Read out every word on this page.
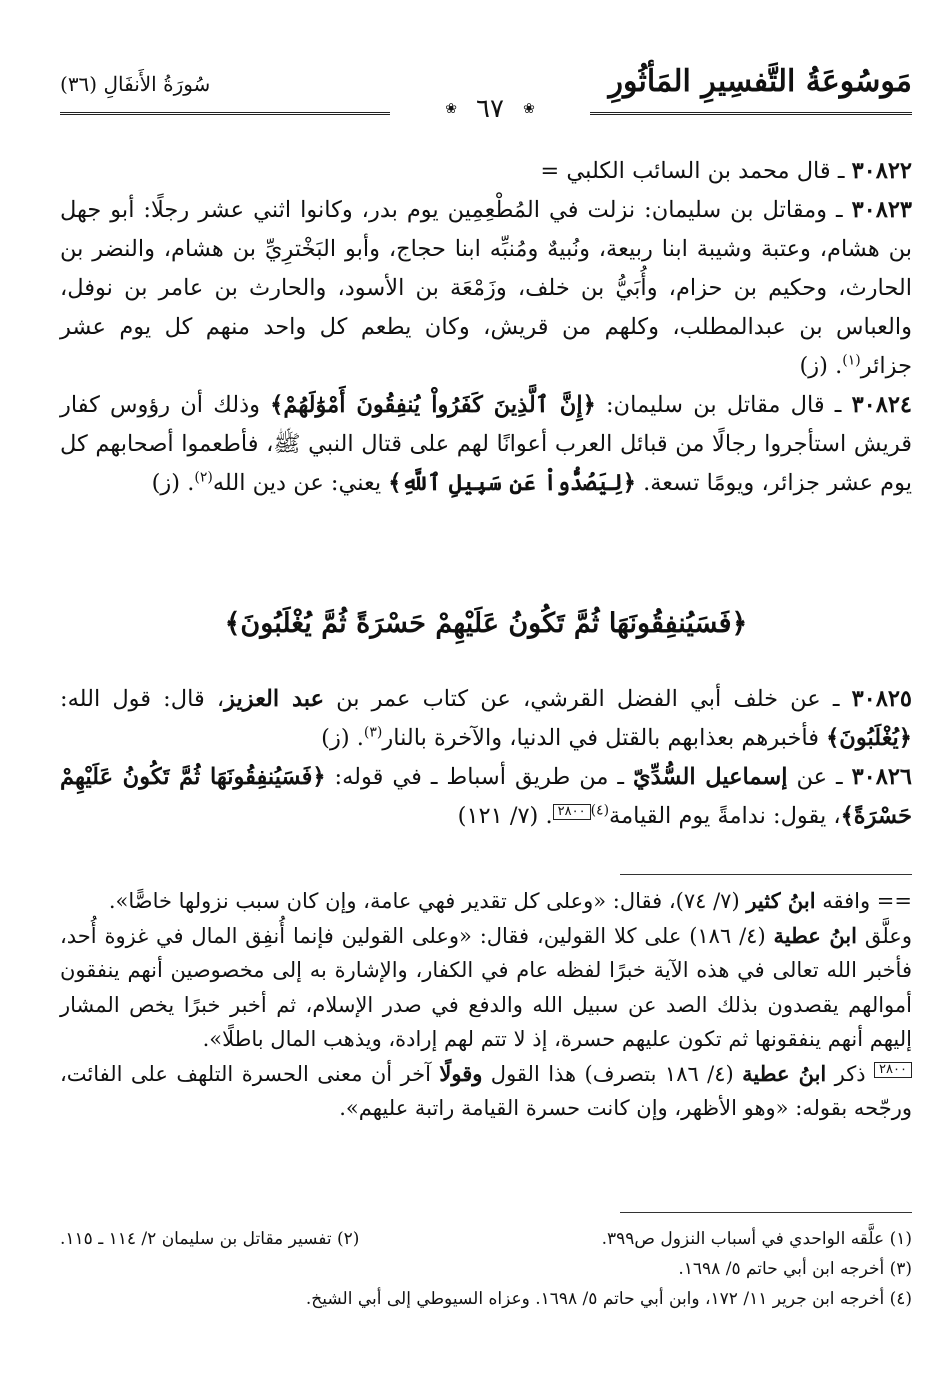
مَوسُوعَةُ التَّفسِيرِ المَأثُورِ
سُورَةُ الأَنفَالِ (٣٦)
❀ ٦٧ ❀

٣٠٨٢٢ ـ قال محمد بن السائب الكلبي =

٣٠٨٢٣ ـ ومقاتل بن سليمان: نزلت في المُطْعِمِين يوم بدر، وكانوا اثني عشر رجلًا: أبو جهل بن هشام، وعتبة وشيبة ابنا ربيعة، ونُبيهٌ ومُنبِّه ابنا حجاج، وأبو البَخْترِيِّ بن هشام، والنضر بن الحارث، وحكيم بن حزام، وأُبَيُّ بن خلف، وزَمْعَة بن الأسود، والحارث بن عامر بن نوفل، والعباس بن عبدالمطلب، وكلهم من قريش، وكان يطعم كل واحد منهم كل يوم عشر جزائر$^{(١)}$. (ز)

٣٠٨٢٤ ـ قال مقاتل بن سليمان: ﴿إِنَّ ٱلَّذِينَ كَفَرُواْ يُنفِقُونَ أَمْوَٰلَهُمْ﴾ وذلك أن رؤوس كفار قريش استأجروا رجالًا من قبائل العرب أعوانًا لهم على قتال النبي ﷺ، فأطعموا أصحابهم كل يوم عشر جزائر، ويومًا تسعة. ﴿لِيَصُدُّواْ عَن سَبِيلِ ٱللَّهِ﴾ يعني: عن دين الله$^{(٢)}$. (ز)

﴿فَسَيُنفِقُونَهَا ثُمَّ تَكُونُ عَلَيْهِمْ حَسْرَةً ثُمَّ يُغْلَبُونَ﴾

٣٠٨٢٥ ـ عن خلف أبي الفضل القرشي، عن كتاب عمر بن عبد العزيز، قال: قول الله: ﴿يُغْلَبُونَ﴾ فأخبرهم بعذابهم بالقتل في الدنيا، والآخرة بالنار$^{(٣)}$. (ز)

٣٠٨٢٦ ـ عن إسماعيل السُّدِّيّ ـ من طريق أسباط ـ في قوله: ﴿فَسَيُنفِقُونَهَا ثُمَّ تَكُونُ عَلَيْهِمْ حَسْرَةً﴾، يقول: ندامةً يوم القيامة$^{(٤)}$٢٨٠٠. (٧/ ١٢١)

== وافقه ابنُ كثير (٧/ ٧٤)، فقال: «وعلى كل تقدير فهي عامة، وإن كان سبب نزولها خاصًّا».

وعلَّق ابنُ عطية (٤/ ١٨٦) على كلا القولين، فقال: «وعلى القولين فإنما أُنفِق المال في غزوة أُحد، فأخبر الله تعالى في هذه الآية خبرًا لفظه عام في الكفار، والإشارة به إلى مخصوصين أنهم ينفقون أموالهم يقصدون بذلك الصد عن سبيل الله والدفع في صدر الإسلام، ثم أخبر خبرًا يخص المشار إليهم أنهم ينفقونها ثم تكون عليهم حسرة، إذ لا تتم لهم إرادة، ويذهب المال باطلًا».

٢٨٠٠ ذكر ابنُ عطية (٤/ ١٨٦ بتصرف) هذا القول وقولًا آخر أن معنى الحسرة التلهف على الفائت، ورجّحه بقوله: «وهو الأظهر، وإن كانت حسرة القيامة راتبة عليهم».

(١) علَّقه الواحدي في أسباب النزول ص٣٩٩.

(٢) تفسير مقاتل بن سليمان ٢/ ١١٤ ـ ١١٥.

(٣) أخرجه ابن أبي حاتم ٥/ ١٦٩٨.

(٤) أخرجه ابن جرير ١١/ ١٧٢، وابن أبي حاتم ٥/ ١٦٩٨. وعزاه السيوطي إلى أبي الشيخ.
